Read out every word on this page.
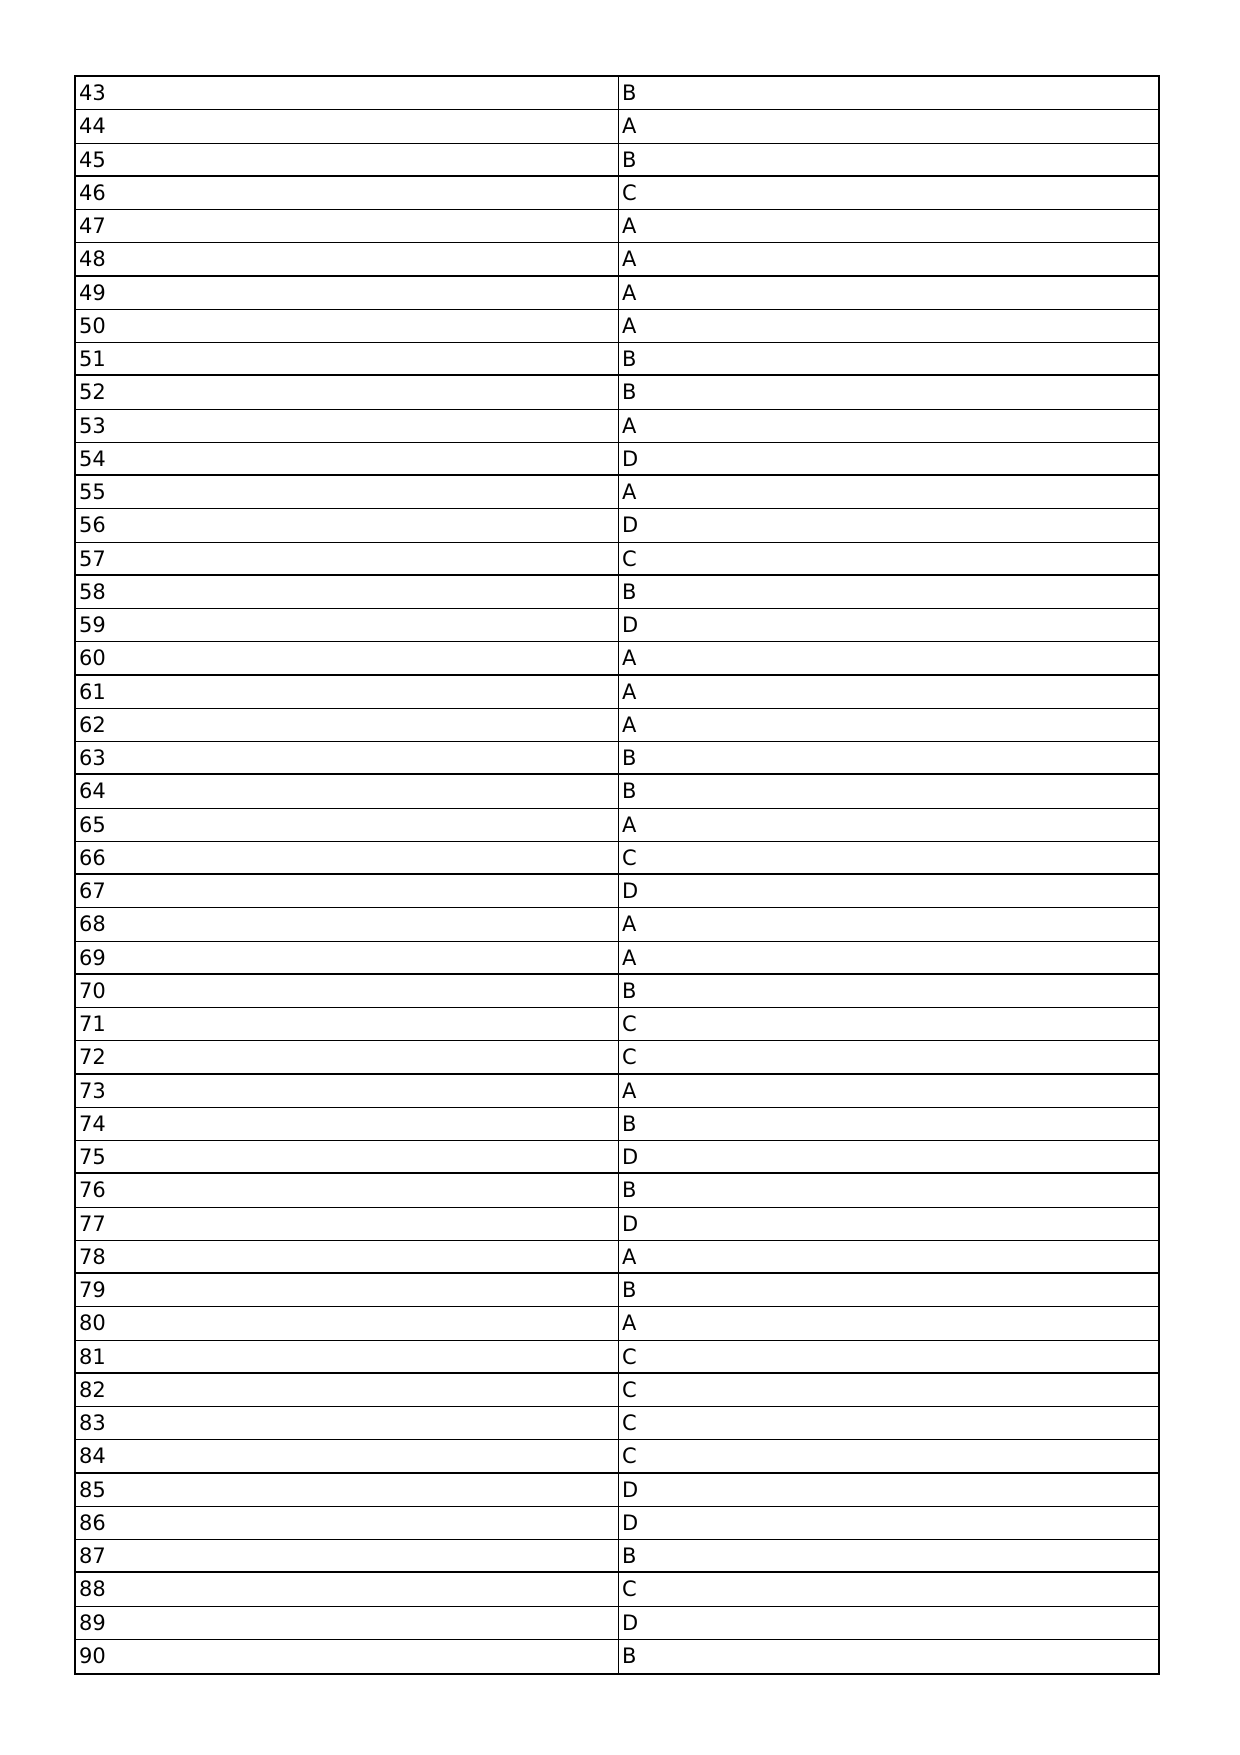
43	B
44	A
45	B
46	C
47	A
48	A
49	A
50	A
51	B
52	B
53	A
54	D
55	A
56	D
57	C
58	B
59	D
60	A
61	A
62	A
63	B
64	B
65	A
66	C
67	D
68	A
69	A
70	B
71	C
72	C
73	A
74	B
75	D
76	B
77	D
78	A
79	B
80	A
81	C
82	C
83	C
84	C
85	D
86	D
87	B
88	C
89	D
90	B
